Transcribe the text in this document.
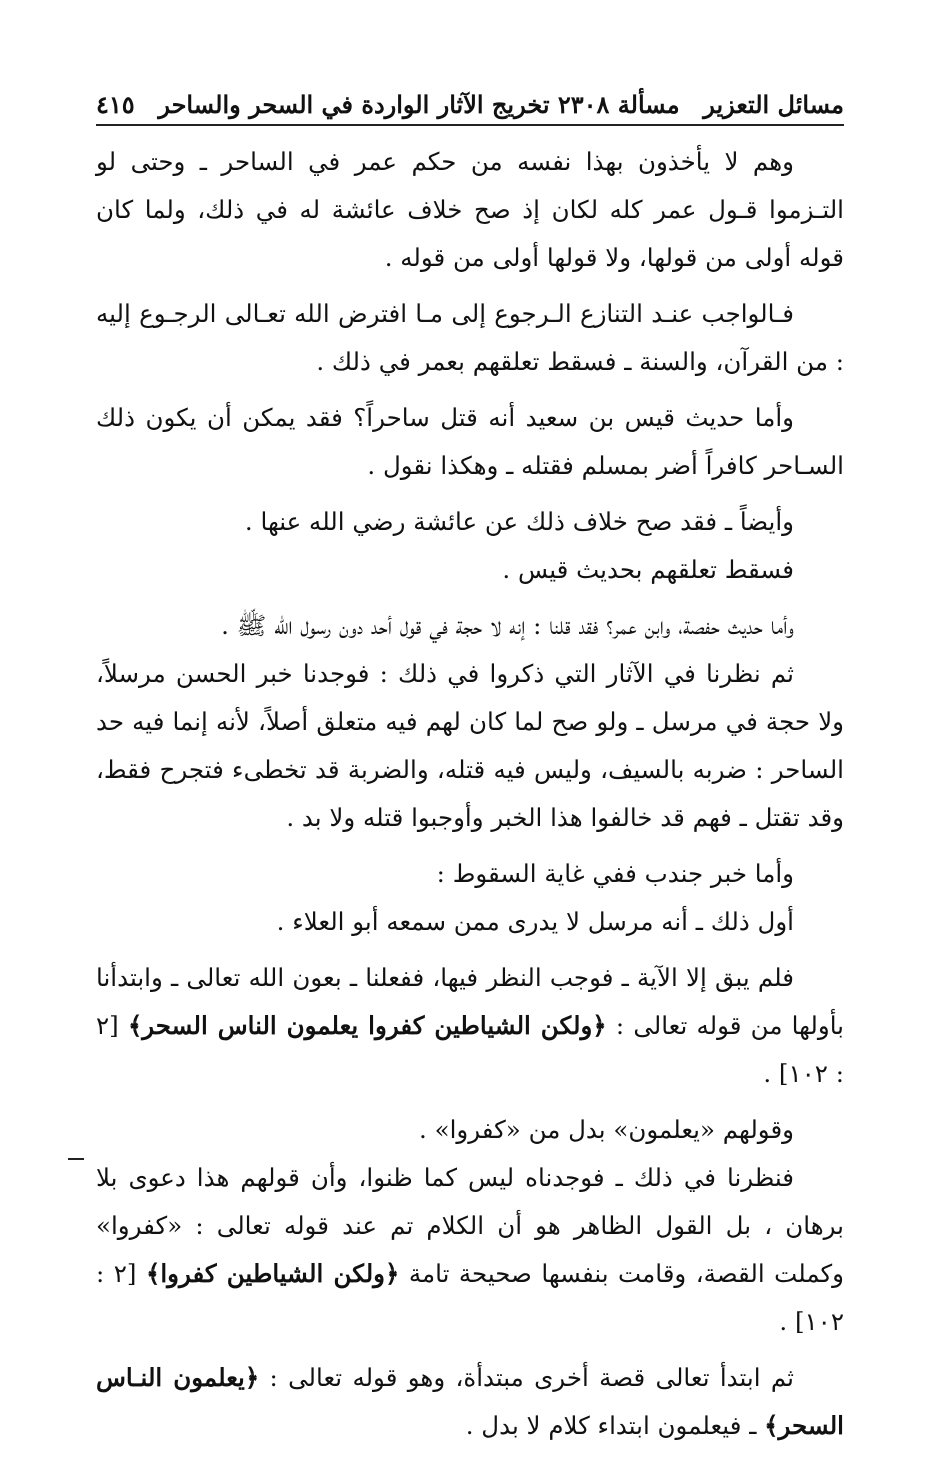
مسائل التعزير
مسألة ٢٣٠٨ تخريج الآثار الواردة في السحر والساحر
٤١٥

وهم لا يأخذون بهذا نفسه من حكم عمر في الساحر ـ وحتى لو التـزموا قـول عمر كله لكان إذ صح خلاف عائشة له في ذلك، ولما كان قوله أولى من قولها، ولا قولها أولى من قوله .

فـالواجب عنـد التنازع الـرجوع إلى مـا افترض الله تعـالى الرجـوع إليه : من القرآن، والسنة ـ فسقط تعلقهم بعمر في ذلك .

وأما حديث قيس بن سعيد أنه قتل ساحراً؟ فقد يمكن أن يكون ذلك السـاحر كافراً أضر بمسلم فقتله ـ وهكذا نقول .

وأيضاً ـ فقد صح خلاف ذلك عن عائشة رضي الله عنها .

فسقط تعلقهم بحديث قيس .

وأما حديث حفصة، وابن عمر؟ فقد قلنا : إنه لا حجة في قول أحد دون رسول الله ﷺ .

ثم نظرنا في الآثار التي ذكروا في ذلك : فوجدنا خبر الحسن مرسلاً، ولا حجة في مرسل ـ ولو صح لما كان لهم فيه متعلق أصلاً، لأنه إنما فيه حد الساحر : ضربه بالسيف، وليس فيه قتله، والضربة قد تخطىء فتجرح فقط، وقد تقتل ـ فهم قد خالفوا هذا الخبر وأوجبوا قتله ولا بد .

وأما خبر جندب ففي غاية السقوط :

أول ذلك ـ أنه مرسل لا يدرى ممن سمعه أبو العلاء .

فلم يبق إلا الآية ـ فوجب النظر فيها، ففعلنا ـ بعون الله تعالى ـ وابتدأنا بأولها من قوله تعالى : ﴿ولكن الشياطين كفروا يعلمون الناس السحر﴾ [٢ : ١٠٢] .

وقولهم «يعلمون» بدل من «كفروا» .

فنظرنا في ذلك ـ فوجدناه ليس كما ظنوا، وأن قولهم هذا دعوى بلا برهان ، بل القول الظاهر هو أن الكلام تم عند قوله تعالى : «كفروا» وكملت القصة، وقامت بنفسها صحيحة تامة ﴿ولكن الشياطين كفروا﴾ [٢ : ١٠٢] .

ثم ابتدأ تعالى قصة أخرى مبتدأة، وهو قوله تعالى : ﴿يعلمون النـاس السحر﴾ ـ فيعلمون ابتداء كلام لا بدل .
